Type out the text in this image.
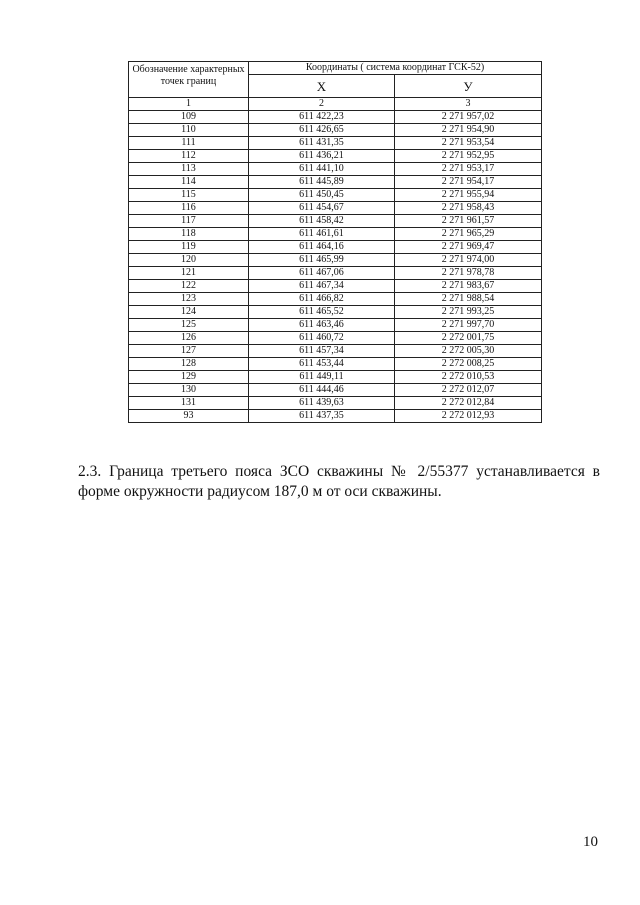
Обозначение характерных точек границ	Координаты ( система координат ГСК-52)	
	X	У
1	2	3
109	611 422,23	2 271 957,02
110	611 426,65	2 271 954,90
111	611 431,35	2 271 953,54
112	611 436,21	2 271 952,95
113	611 441,10	2 271 953,17
114	611 445,89	2 271 954,17
115	611 450,45	2 271 955,94
116	611 454,67	2 271 958,43
117	611 458,42	2 271 961,57
118	611 461,61	2 271 965,29
119	611 464,16	2 271 969,47
120	611 465,99	2 271 974,00
121	611 467,06	2 271 978,78
122	611 467,34	2 271 983,67
123	611 466,82	2 271 988,54
124	611 465,52	2 271 993,25
125	611 463,46	2 271 997,70
126	611 460,72	2 272 001,75
127	611 457,34	2 272 005,30
128	611 453,44	2 272 008,25
129	611 449,11	2 272 010,53
130	611 444,46	2 272 012,07
131	611 439,63	2 272 012,84
93	611 437,35	2 272 012,93

2.3. Граница третьего пояса ЗСО скважины № 2/55377 устанавливается в форме окружности радиусом 187,0 м от оси скважины.

10
